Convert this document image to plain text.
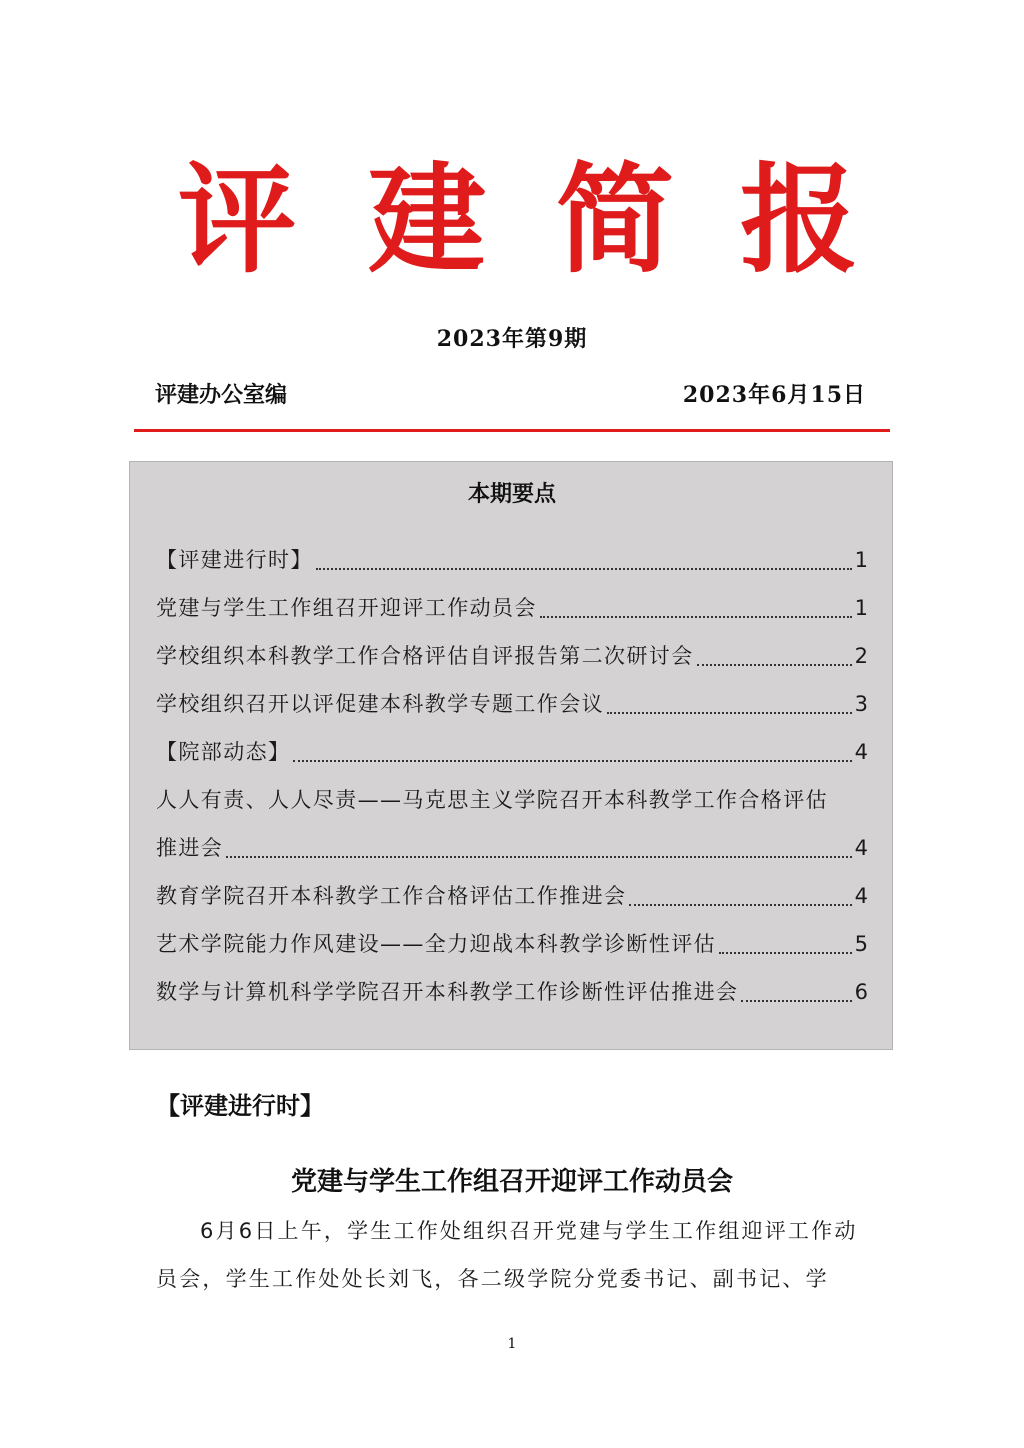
评 建 简 报
2023年第9期
评建办公室编	2023年6月15日
本期要点
【评建进行时】	1
党建与学生工作组召开迎评工作动员会	1
学校组织本科教学工作合格评估自评报告第二次研讨会	2
学校组织召开以评促建本科教学专题工作会议	3
【院部动态】	4
人人有责、人人尽责——马克思主义学院召开本科教学工作合格评估
推进会	4
教育学院召开本科教学工作合格评估工作推进会	4
艺术学院能力作风建设——全力迎战本科教学诊断性评估	5
数学与计算机科学学院召开本科教学工作诊断性评估推进会	6
【评建进行时】
党建与学生工作组召开迎评工作动员会

6月6日上午，学生工作处组织召开党建与学生工作组迎评工作动员会，学生工作处处长刘飞，各二级学院分党委书记、副书记、学

1
